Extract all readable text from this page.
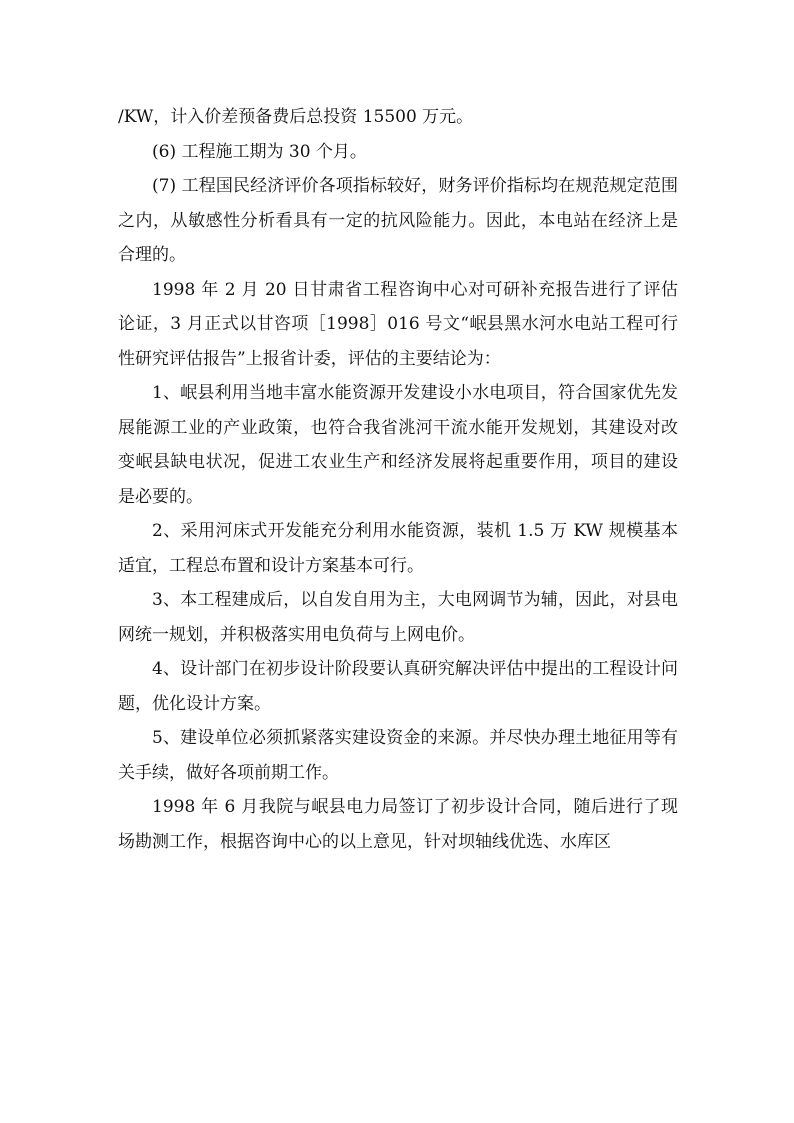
/KW，计入价差预备费后总投资 15500 万元。

(6) 工程施工期为 30 个月。

(7) 工程国民经济评价各项指标较好，财务评价指标均在规范规定范围之内，从敏感性分析看具有一定的抗风险能力。因此，本电站在经济上是合理的。

1998 年 2 月 20 日甘肃省工程咨询中心对可研补充报告进行了评估论证，3 月正式以甘咨项［1998］016 号文“岷县黑水河水电站工程可行性研究评估报告”上报省计委，评估的主要结论为：

1、岷县利用当地丰富水能资源开发建设小水电项目，符合国家优先发展能源工业的产业政策，也符合我省洮河干流水能开发规划，其建设对改变岷县缺电状况，促进工农业生产和经济发展将起重要作用，项目的建设是必要的。

2、采用河床式开发能充分利用水能资源，装机 1.5 万 KW 规模基本适宜，工程总布置和设计方案基本可行。

3、本工程建成后，以自发自用为主，大电网调节为辅，因此，对县电网统一规划，并积极落实用电负荷与上网电价。

4、设计部门在初步设计阶段要认真研究解决评估中提出的工程设计问题，优化设计方案。

5、建设单位必须抓紧落实建设资金的来源。并尽快办理土地征用等有关手续，做好各项前期工作。

1998 年 6 月我院与岷县电力局签订了初步设计合同，随后进行了现场勘测工作，根据咨询中心的以上意见，针对坝轴线优选、水库区
